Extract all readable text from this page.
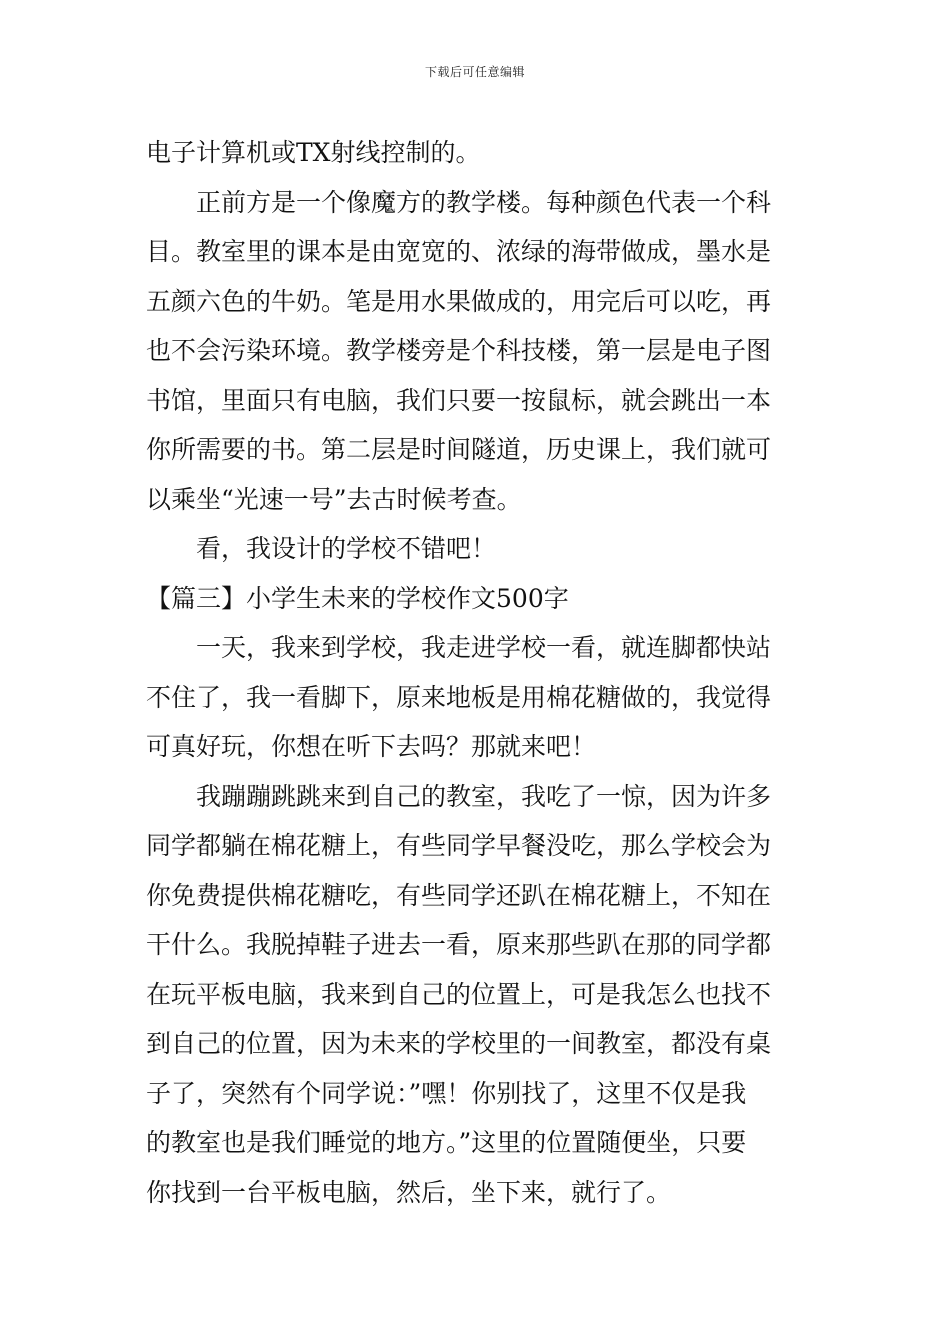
下载后可任意编辑
电子计算机或TX射线控制的。
正前方是一个像魔方的教学楼。每种颜色代表一个科
目。教室里的课本是由宽宽的、浓绿的海带做成，墨水是
五颜六色的牛奶。笔是用水果做成的，用完后可以吃，再
也不会污染环境。教学楼旁是个科技楼，第一层是电子图
书馆，里面只有电脑，我们只要一按鼠标，就会跳出一本
你所需要的书。第二层是时间隧道，历史课上，我们就可
以乘坐“光速一号”去古时候考查。
看，我设计的学校不错吧！
【篇三】小学生未来的学校作文500字
一天，我来到学校，我走进学校一看，就连脚都快站
不住了，我一看脚下，原来地板是用棉花糖做的，我觉得
可真好玩，你想在听下去吗？那就来吧！
我蹦蹦跳跳来到自己的教室，我吃了一惊，因为许多
同学都躺在棉花糖上，有些同学早餐没吃，那么学校会为
你免费提供棉花糖吃，有些同学还趴在棉花糖上，不知在
干什么。我脱掉鞋子进去一看，原来那些趴在那的同学都
在玩平板电脑，我来到自己的位置上，可是我怎么也找不
到自己的位置，因为未来的学校里的一间教室，都没有桌
子了，突然有个同学说：”嘿！你别找了，这里不仅是我
的教室也是我们睡觉的地方。”这里的位置随便坐，只要
你找到一台平板电脑，然后，坐下来，就行了。
